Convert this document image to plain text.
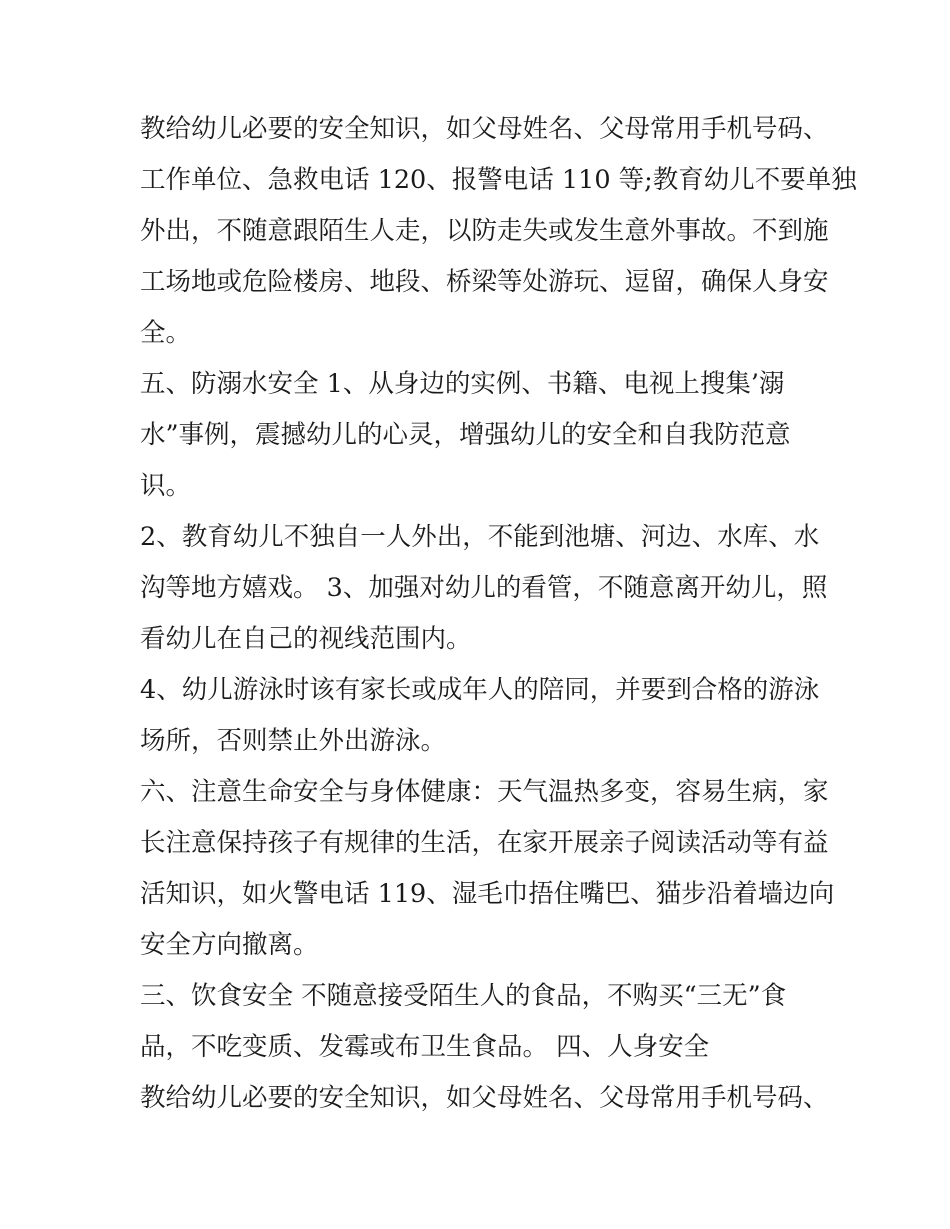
教给幼儿必要的安全知识，如父母姓名、父母常用手机号码、

工作单位、急救电话 120、报警电话 110 等;教育幼儿不要单独

外出，不随意跟陌生人走，以防走失或发生意外事故。不到施

工场地或危险楼房、地段、桥梁等处游玩、逗留，确保人身安

全。

五、防溺水安全 1、从身边的实例、书籍、电视上搜集’溺

水”事例，震撼幼儿的心灵，增强幼儿的安全和自我防范意

识。

2、教育幼儿不独自一人外出，不能到池塘、河边、水库、水

沟等地方嬉戏。 3、加强对幼儿的看管，不随意离开幼儿，照

看幼儿在自己的视线范围内。

4、幼儿游泳时该有家长或成年人的陪同，并要到合格的游泳

场所，否则禁止外出游泳。

六、注意生命安全与身体健康：天气温热多变，容易生病，家

长注意保持孩子有规律的生活，在家开展亲子阅读活动等有益

活知识，如火警电话 119、湿毛巾捂住嘴巴、猫步沿着墙边向

安全方向撤离。

三、饮食安全 不随意接受陌生人的食品，不购买“三无”食

品，不吃变质、发霉或布卫生食品。 四、人身安全

教给幼儿必要的安全知识，如父母姓名、父母常用手机号码、
